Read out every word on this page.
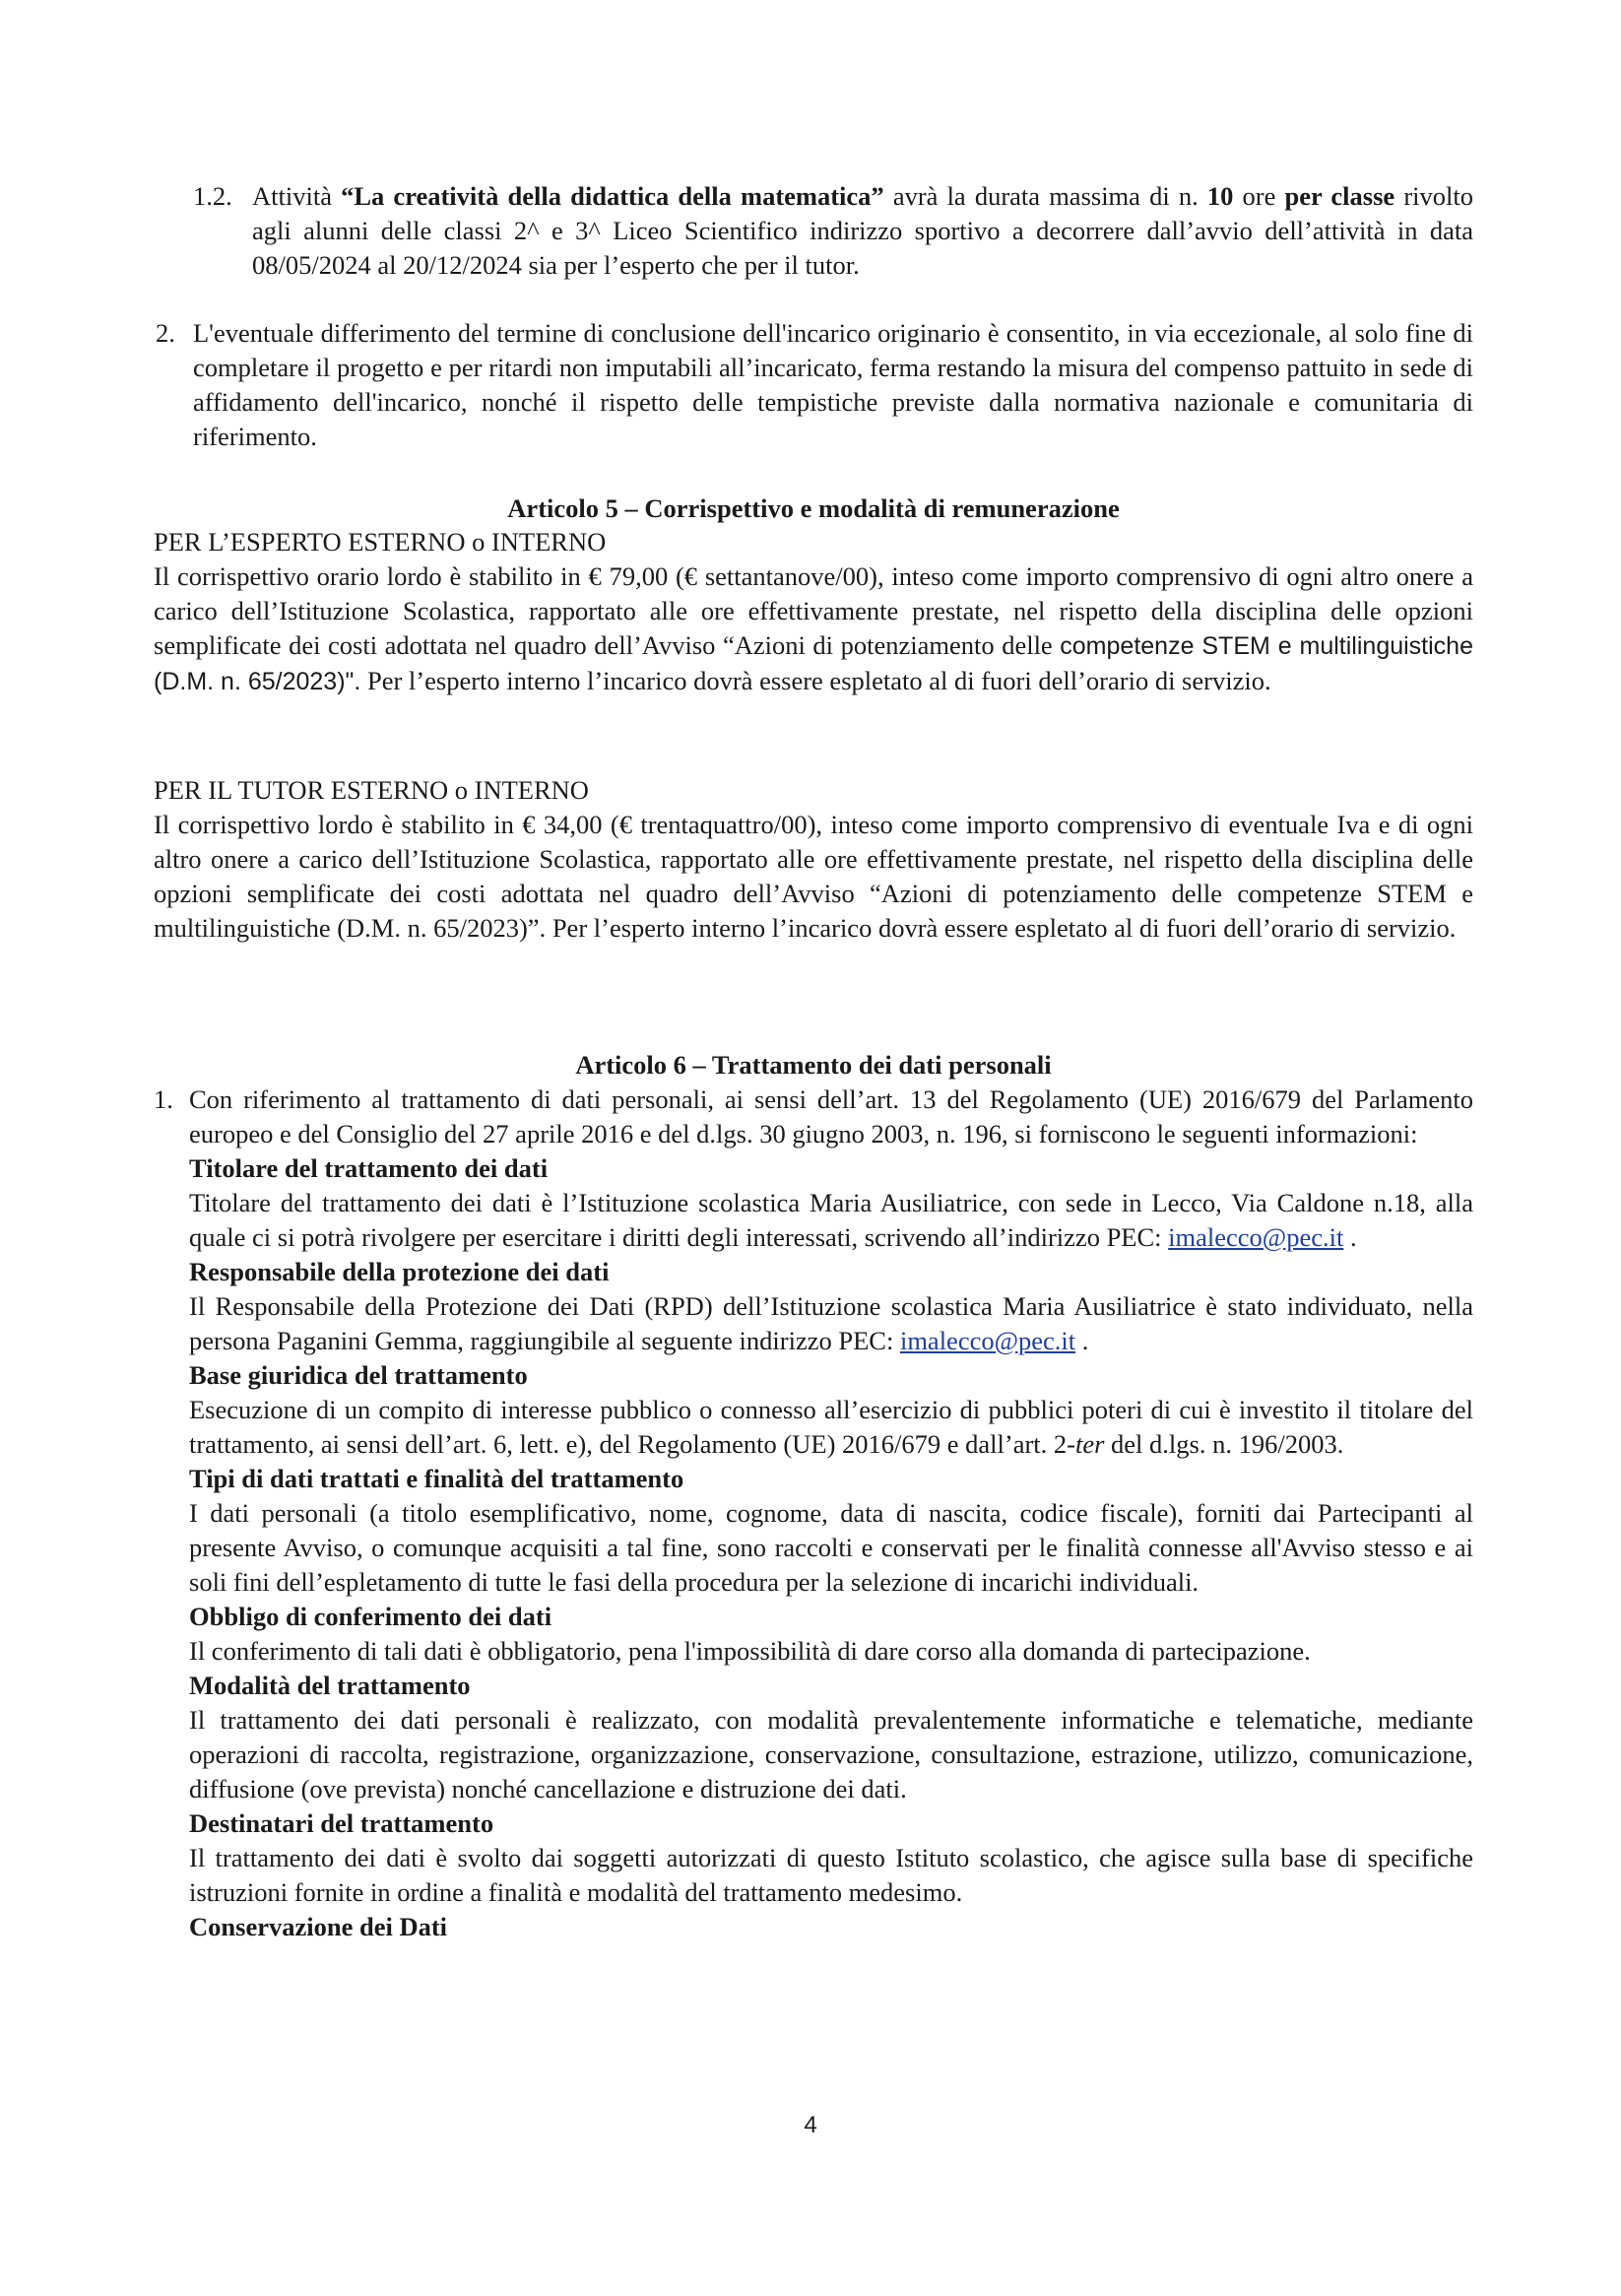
1.2. Attività “La creatività della didattica della matematica” avrà la durata massima di n. 10 ore per classe rivolto agli alunni delle classi 2^ e 3^ Liceo Scientifico indirizzo sportivo a decorrere dall’avvio dell’attività in data 08/05/2024 al 20/12/2024 sia per l’esperto che per il tutor.
2. L'eventuale differimento del termine di conclusione dell'incarico originario è consentito, in via eccezionale, al solo fine di completare il progetto e per ritardi non imputabili all’incaricato, ferma restando la misura del compenso pattuito in sede di affidamento dell'incarico, nonché il rispetto delle tempistiche previste dalla normativa nazionale e comunitaria di riferimento.
Articolo 5 – Corrispettivo e modalità di remunerazione
PER L’ESPERTO ESTERNO o INTERNO
Il corrispettivo orario lordo è stabilito in € 79,00 (€ settantanove/00), inteso come importo comprensivo di ogni altro onere a carico dell’Istituzione Scolastica, rapportato alle ore effettivamente prestate, nel rispetto della disciplina delle opzioni semplificate dei costi adottata nel quadro dell’Avviso “Azioni di potenziamento delle competenze STEM e multilinguistiche (D.M. n. 65/2023)". Per l’esperto interno l’incarico dovrà essere espletato al di fuori dell’orario di servizio.
PER IL TUTOR ESTERNO o INTERNO
Il corrispettivo lordo è stabilito in € 34,00 (€ trentaquattro/00), inteso come importo comprensivo di eventuale Iva e di ogni altro onere a carico dell’Istituzione Scolastica, rapportato alle ore effettivamente prestate, nel rispetto della disciplina delle opzioni semplificate dei costi adottata nel quadro dell’Avviso “Azioni di potenziamento delle competenze STEM e multilinguistiche (D.M. n. 65/2023)”. Per l’esperto interno l’incarico dovrà essere espletato al di fuori dell’orario di servizio.
Articolo 6 – Trattamento dei dati personali
1. Con riferimento al trattamento di dati personali, ai sensi dell’art. 13 del Regolamento (UE) 2016/679 del Parlamento europeo e del Consiglio del 27 aprile 2016 e del d.lgs. 30 giugno 2003, n. 196, si forniscono le seguenti informazioni:
Titolare del trattamento dei dati
Titolare del trattamento dei dati è l’Istituzione scolastica Maria Ausiliatrice, con sede in Lecco, Via Caldone n.18, alla quale ci si potrà rivolgere per esercitare i diritti degli interessati, scrivendo all’indirizzo PEC: imalecco@pec.it .
Responsabile della protezione dei dati
Il Responsabile della Protezione dei Dati (RPD) dell’Istituzione scolastica Maria Ausiliatrice è stato individuato, nella persona Paganini Gemma, raggiungibile al seguente indirizzo PEC: imalecco@pec.it .
Base giuridica del trattamento
Esecuzione di un compito di interesse pubblico o connesso all’esercizio di pubblici poteri di cui è investito il titolare del trattamento, ai sensi dell’art. 6, lett. e), del Regolamento (UE) 2016/679 e dall’art. 2-ter del d.lgs. n. 196/2003.
Tipi di dati trattati e finalità del trattamento
I dati personali (a titolo esemplificativo, nome, cognome, data di nascita, codice fiscale), forniti dai Partecipanti al presente Avviso, o comunque acquisiti a tal fine, sono raccolti e conservati per le finalità connesse all'Avviso stesso e ai soli fini dell’espletamento di tutte le fasi della procedura per la selezione di incarichi individuali.
Obbligo di conferimento dei dati
Il conferimento di tali dati è obbligatorio, pena l'impossibilità di dare corso alla domanda di partecipazione.
Modalità del trattamento
Il trattamento dei dati personali è realizzato, con modalità prevalentemente informatiche e telematiche, mediante operazioni di raccolta, registrazione, organizzazione, conservazione, consultazione, estrazione, utilizzo, comunicazione, diffusione (ove prevista) nonché cancellazione e distruzione dei dati.
Destinatari del trattamento
Il trattamento dei dati è svolto dai soggetti autorizzati di questo Istituto scolastico, che agisce sulla base di specifiche istruzioni fornite in ordine a finalità e modalità del trattamento medesimo.
Conservazione dei Dati
4
